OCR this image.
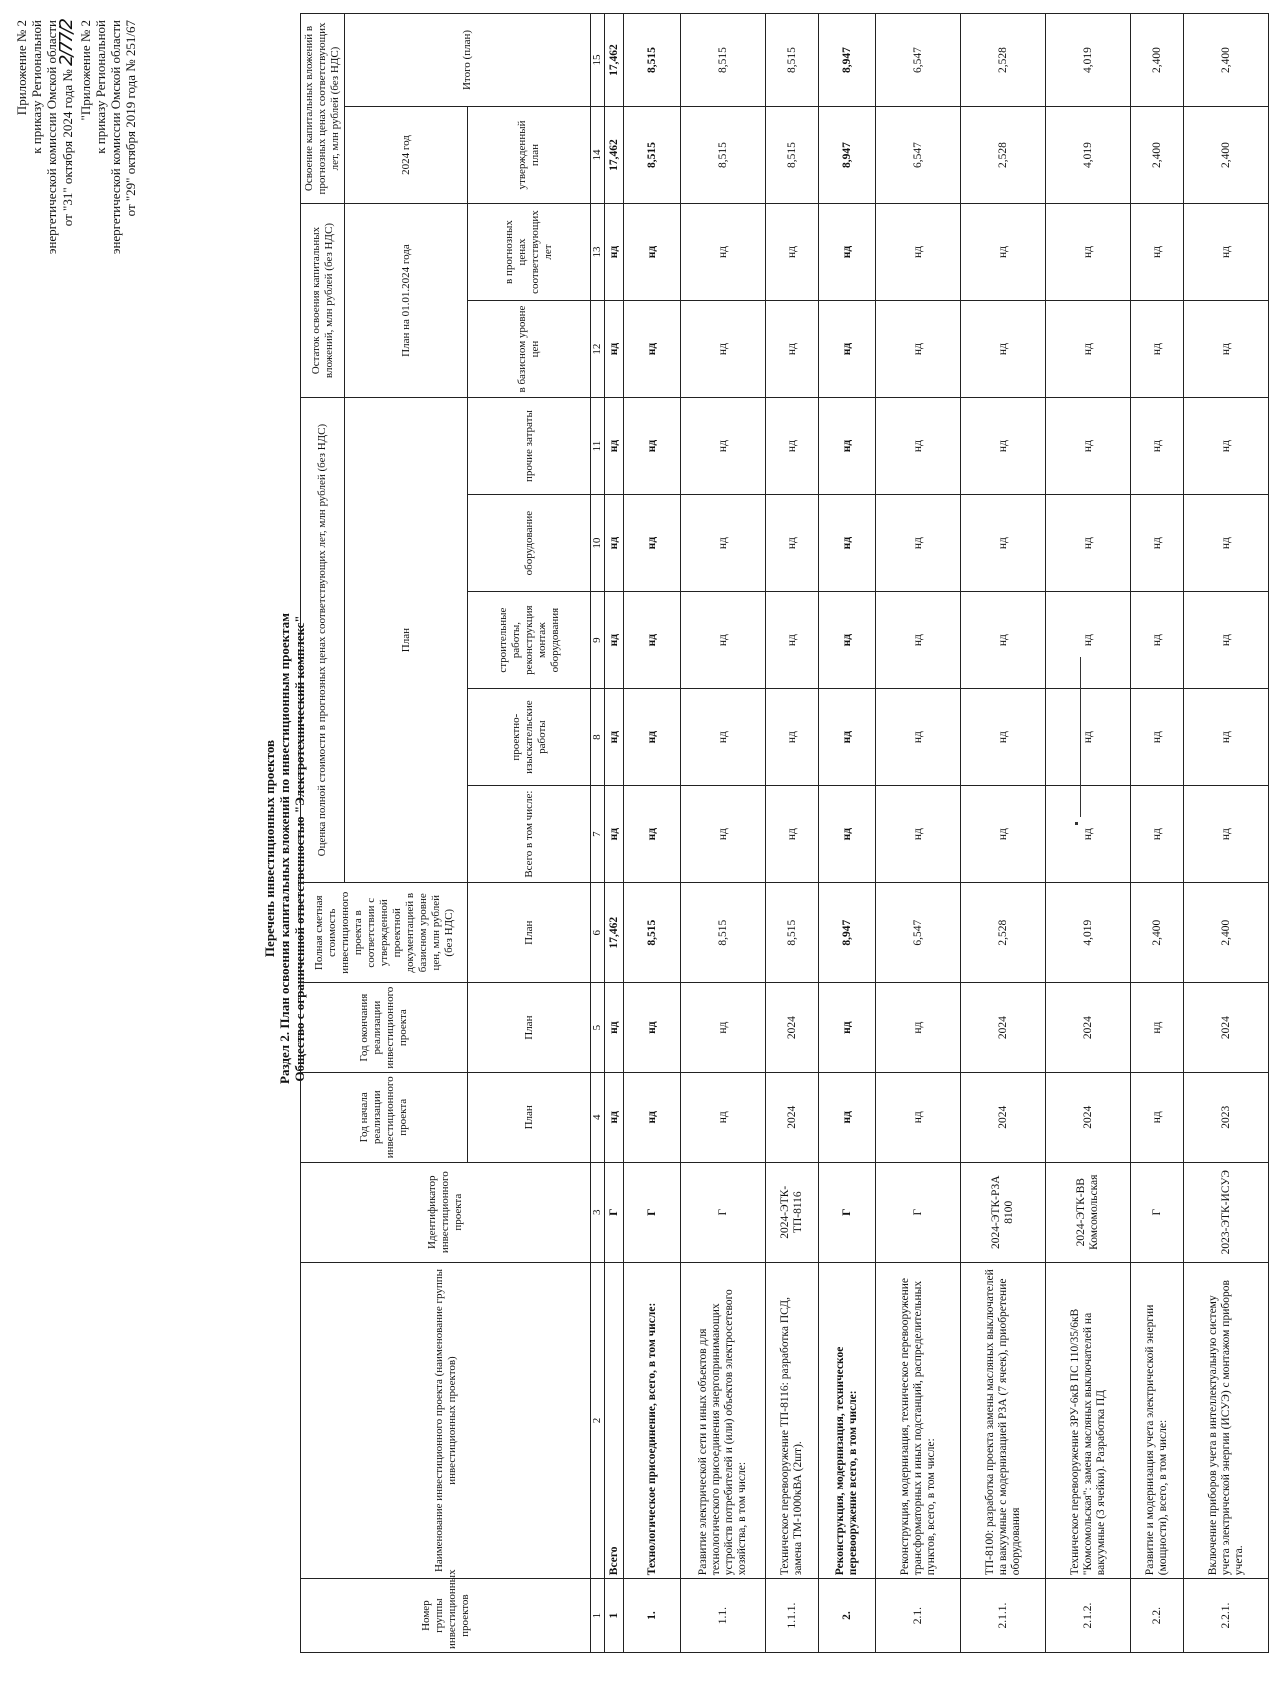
Приложение № 2 к приказу Региональной энергетической комиссии Омской области от "31" октября 2024 года № 2/77/2 "Приложение № 2 к приказу Региональной энергетической комиссии Омской области от "29" октября 2019 года № 251/67
Перечень инвестиционных проектов Раздел 2. План освоения капитальных вложений по инвестиционным проектам Общество с ограниченной ответственностью "Электротехнический комплекс"
Номер группы инвестиционных проектов	Наименование инвестиционного проекта (наименование группы инвестиционных проектов)	Идентификатор инвестиционного проекта	Год начала реализации инвестиционного проекта	Год окончания реализации инвестиционного проекта	Полная сметная стоимость инвестиционного проекта в соответствии с утвержденной проектной документацией в базисном уровне цен, млн рублей (без НДС)	Оценка полной стоимости в прогнозных ценах соответствующих лет, млн рублей (без НДС)					Остаток освоения капитальных вложений, млн рублей (без НДС)		Освоение капитальных вложений в прогнозных ценах соответствующих лет, млн рублей (без НДС)	
						План					План на 01.01.2024 года		2024 год	Итого (план)
			План	План	План	Всего в том числе:	проектно-изыскательские работы	строительные работы, реконструкция монтаж оборудования	оборудование	прочие затраты	в базисном уровне цен	в прогнозных ценах соответствующих лет	утвержденный план	
1	2	3	4	5	6	7	8	9	10	11	12	13	14	15
1	Всего	Г	нд	нд	17,462	нд	нд	нд	нд	нд	нд	нд	17,462	17,462
1.	Технологическое присоединение, всего, в том числе:	Г	нд	нд	8,515	нд	нд	нд	нд	нд	нд	нд	8,515	8,515
1.1.	Развитие электрической сети и иных объектов для технологического присоединения энергопринимающих устройств потребителей и (или) объектов электросетевого хозяйства, в том числе:	Г	нд	нд	8,515	нд	нд	нд	нд	нд	нд	нд	8,515	8,515
1.1.1.	Техническое перевооружение ТП-8116: разработка ПСД, замена ТМ-1000кВА (2шт).	2024-ЭТК-ТП-8116	2024	2024	8,515	нд	нд	нд	нд	нд	нд	нд	8,515	8,515
2.	Реконструкция, модернизация, техническое перевооружение всего, в том числе:	Г	нд	нд	8,947	нд	нд	нд	нд	нд	нд	нд	8,947	8,947
2.1.	Реконструкция, модернизация, техническое перевооружение трансформаторных и иных подстанций, распределительных пунктов, всего, в том числе:	Г	нд	нд	6,547	нд	нд	нд	нд	нд	нд	нд	6,547	6,547
2.1.1.	ТП-8100: разработка проекта замены масляных выключателей на вакуумные с модернизацией РЗА (7 ячеек), приобретение оборудования	2024-ЭТК-РЗА 8100	2024	2024	2,528	нд	нд	нд	нд	нд	нд	нд	2,528	2,528
2.1.2.	Техническое перевооружение ЗРУ-6кВ ПС 110/35/6кВ "Комсомольская": замена масляных выключателей на вакуумные (3 ячейки). Разработка ПД	2024-ЭТК-ВВ Комсомольская	2024	2024	4,019	нд	нд	нд	нд	нд	нд	нд	4,019	4,019
2.2.	Развитие и модернизация учета электрической энергии (мощности), всего, в том числе:	Г	нд	нд	2,400	нд	нд	нд	нд	нд	нд	нд	2,400	2,400
2.2.1.	Включение приборов учета в интеллектуальную систему учета электрической энергии (ИСУЭ) с монтажом приборов учета.	2023-ЭТК-ИСУЭ	2023	2024	2,400	нд	нд	нд	нд	нд	нд	нд	2,400	2,400
